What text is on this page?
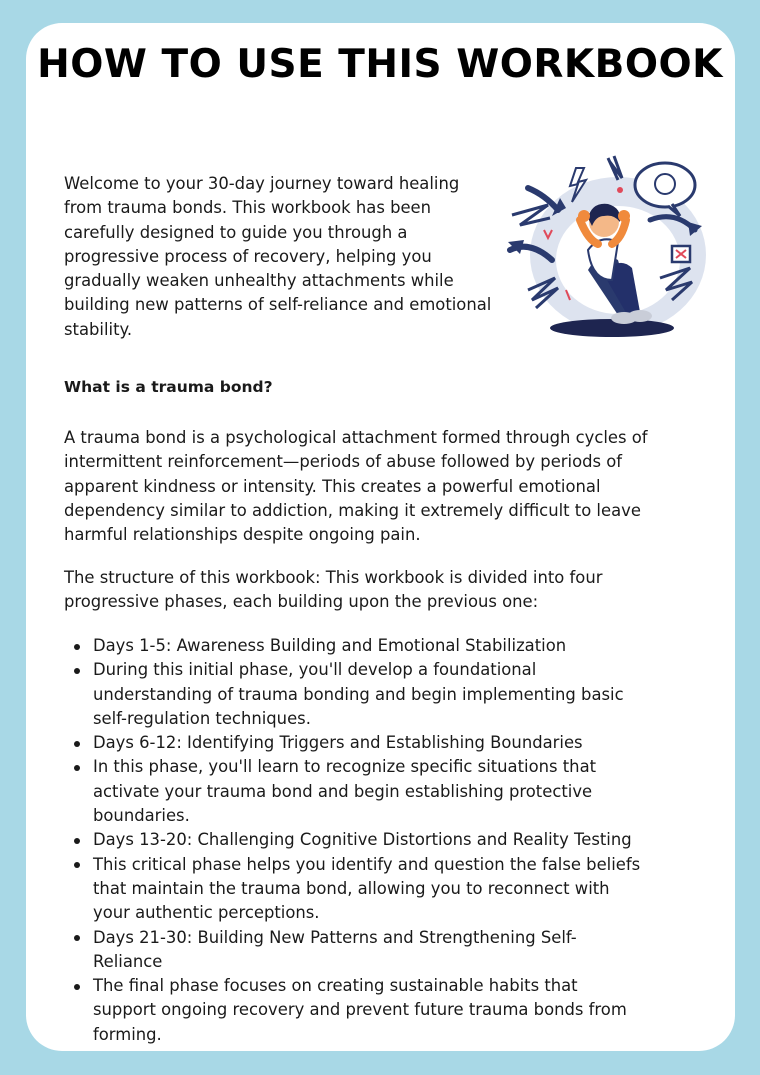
HOW TO USE THIS WORKBOOK

Welcome to your 30-day journey toward healing from trauma bonds. This workbook has been carefully designed to guide you through a progressive process of recovery, helping you gradually weaken unhealthy attachments while building new patterns of self-reliance and emotional stability.

What is a trauma bond?

A trauma bond is a psychological attachment formed through cycles of intermittent reinforcement—periods of abuse followed by periods of apparent kindness or intensity. This creates a powerful emotional dependency similar to addiction, making it extremely difficult to leave harmful relationships despite ongoing pain.

The structure of this workbook: This workbook is divided into four progressive phases, each building upon the previous one:

Days 1-5: Awareness Building and Emotional Stabilization
During this initial phase, you'll develop a foundational understanding of trauma bonding and begin implementing basic self-regulation techniques.
Days 6-12: Identifying Triggers and Establishing Boundaries
In this phase, you'll learn to recognize specific situations that activate your trauma bond and begin establishing protective boundaries.
Days 13-20: Challenging Cognitive Distortions and Reality Testing
This critical phase helps you identify and question the false beliefs that maintain the trauma bond, allowing you to reconnect with your authentic perceptions.
Days 21-30: Building New Patterns and Strengthening Self-Reliance
The final phase focuses on creating sustainable habits that support ongoing recovery and prevent future trauma bonds from forming.
